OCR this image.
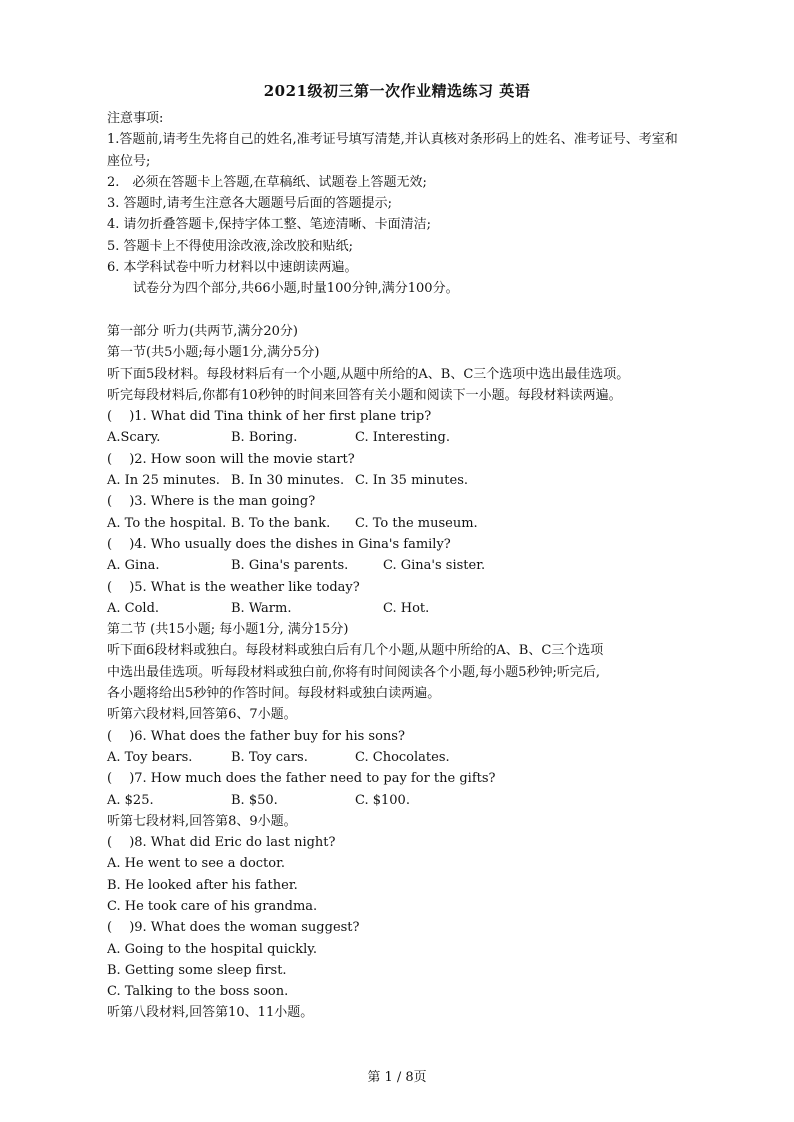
2021级初三第一次作业精选练习 英语
注意事项:
1.答题前,请考生先将自己的姓名,准考证号填写清楚,并认真核对条形码上的姓名、准考证号、考室和座位号;
2.　必须在答题卡上答题,在草稿纸、试题卷上答题无效;
3. 答题时,请考生注意各大题题号后面的答题提示;
4. 请勿折叠答题卡,保持字体工整、笔迹清晰、卡面清洁;
5. 答题卡上不得使用涂改液,涂改胶和贴纸;
6. 本学科试卷中听力材料以中速朗读两遍。
试卷分为四个部分,共66小题,时量100分钟,满分100分。
第一部分 听力(共两节,满分20分)
第一节(共5小题;每小题1分,满分5分)
听下面5段材料。每段材料后有一个小题,从题中所给的A、B、C三个选项中选出最佳选项。
听完每段材料后,你都有10秒钟的时间来回答有关小题和阅读下一小题。每段材料读两遍。
(　 )1. What did Tina think of her first plane trip?
A.Scary.	B. Boring.	C. Interesting.
(　 )2. How soon will the movie start?
A. In 25 minutes. B. In 30 minutes. C. In 35 minutes.
(　 )3. Where is the man going?
A. To the hospital. B. To the bank.	C. To the museum.
(　 )4. Who usually does the dishes in Gina's family?
A. Gina.	B. Gina's parents.	C. Gina's sister.
(　 )5. What is the weather like today?
A. Cold.	B. Warm.	C. Hot.
第二节 (共15小题; 每小题1分, 满分15分)
听下面6段材料或独白。每段材料或独白后有几个小题,从题中所给的A、B、C三个选项
中选出最佳选项。听每段材料或独白前,你将有时间阅读各个小题,每小题5秒钟;听完后,
各小题将给出5秒钟的作答时间。每段材料或独白读两遍。
听第六段材料,回答第6、7小题。
(　 )6. What does the father buy for his sons?
A. Toy bears.	B. Toy cars.	C. Chocolates.
(　 )7. How much does the father need to pay for the gifts?
A. $25.	B. $50.	C. $100.
听第七段材料,回答第8、9小题。
(　 )8. What did Eric do last night?
A. He went to see a doctor.
B. He looked after his father.
C. He took care of his grandma.
(　 )9. What does the woman suggest?
A. Going to the hospital quickly.
B. Getting some sleep first.
C. Talking to the boss soon.
听第八段材料,回答第10、11小题。
第 1 / 8页
